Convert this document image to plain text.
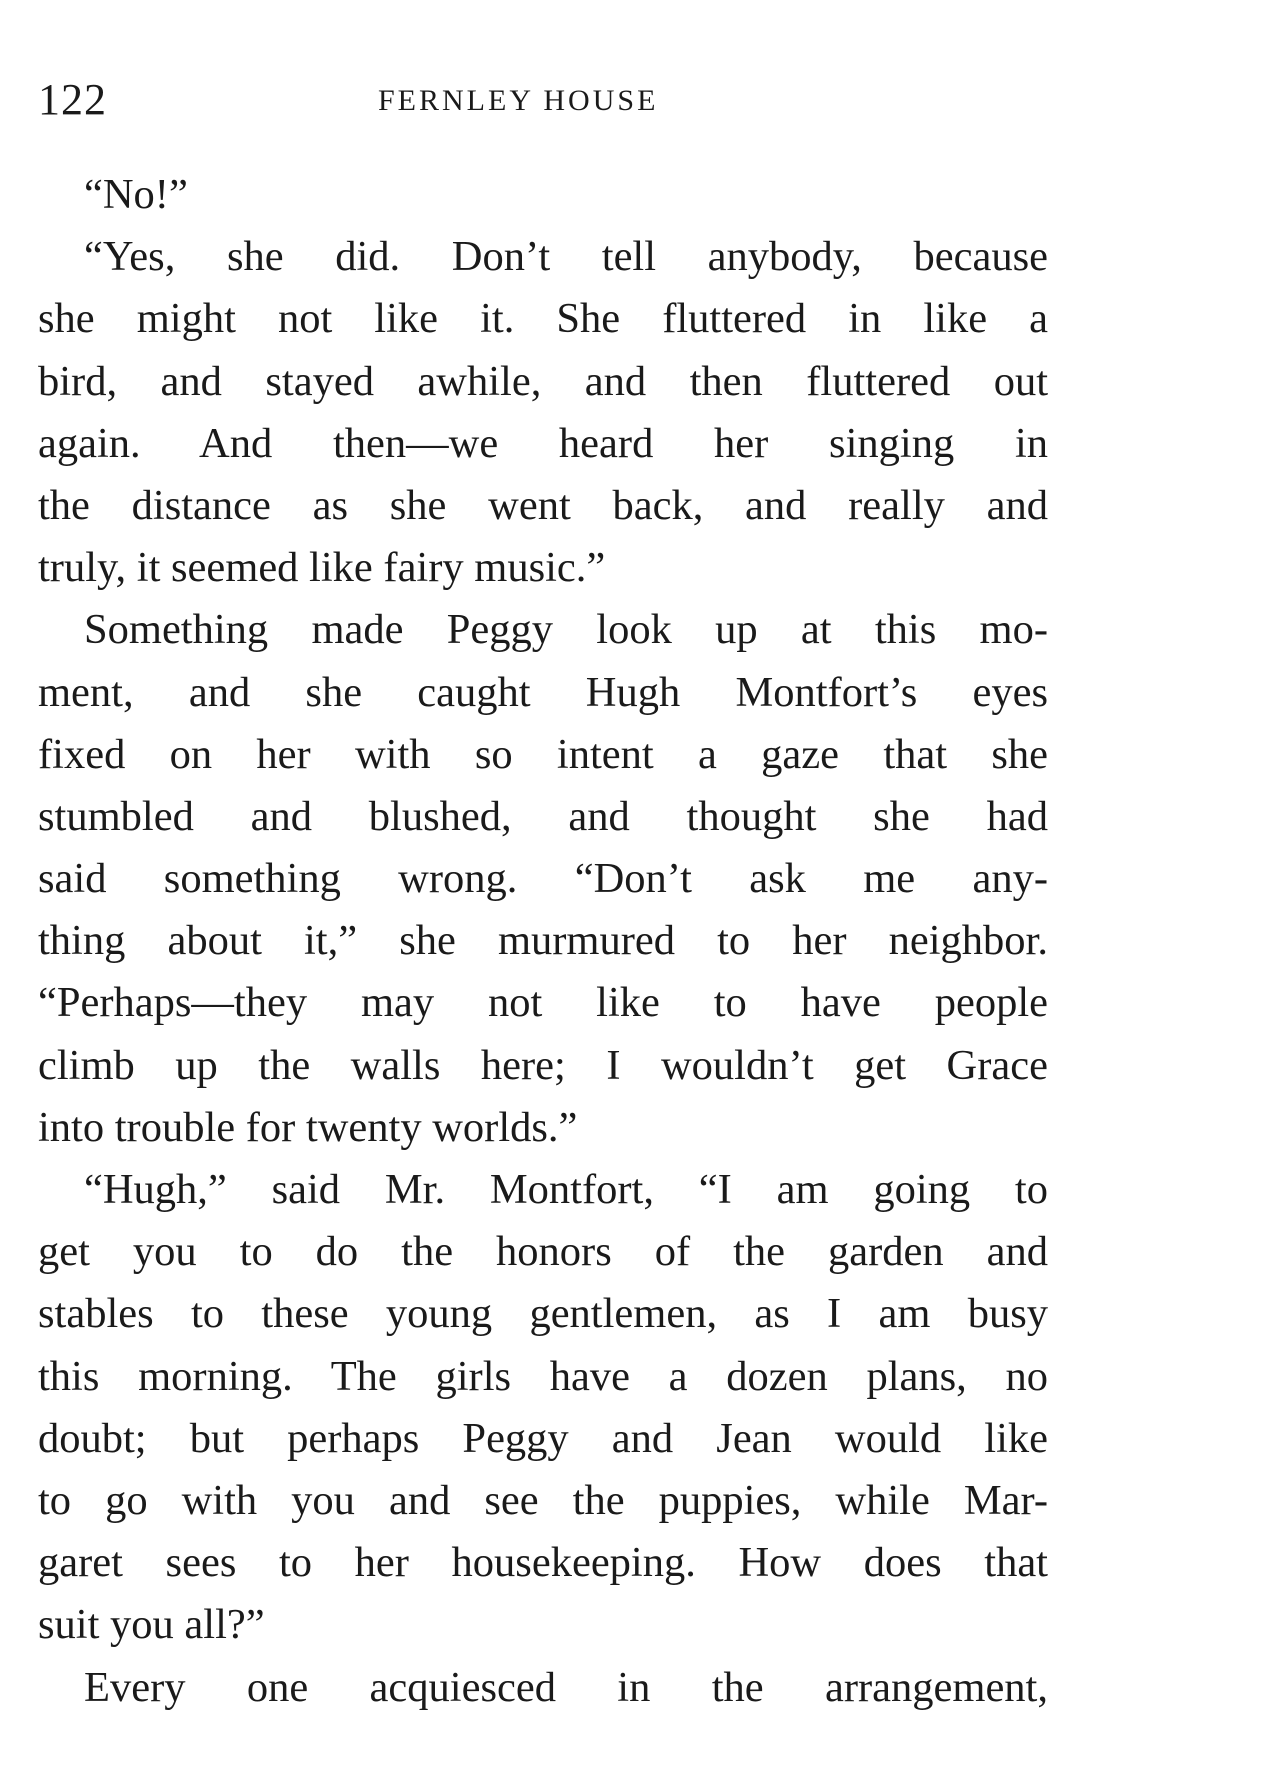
122	FERNLEY HOUSE
“No!”
“Yes, she did. Don’t tell anybody, because
she might not like it. She fluttered in like a
bird, and stayed awhile, and then fluttered out
again. And then—we heard her singing in
the distance as she went back, and really and
truly, it seemed like fairy music.”
Something made Peggy look up at this mo-
ment, and she caught Hugh Montfort’s eyes
fixed on her with so intent a gaze that she
stumbled and blushed, and thought she had
said something wrong. “Don’t ask me any-
thing about it,” she murmured to her neighbor.
“Perhaps—they may not like to have people
climb up the walls here; I wouldn’t get Grace
into trouble for twenty worlds.”
“Hugh,” said Mr. Montfort, “I am going to
get you to do the honors of the garden and
stables to these young gentlemen, as I am busy
this morning. The girls have a dozen plans, no
doubt; but perhaps Peggy and Jean would like
to go with you and see the puppies, while Mar-
garet sees to her housekeeping. How does that
suit you all?”
Every one acquiesced in the arrangement,
